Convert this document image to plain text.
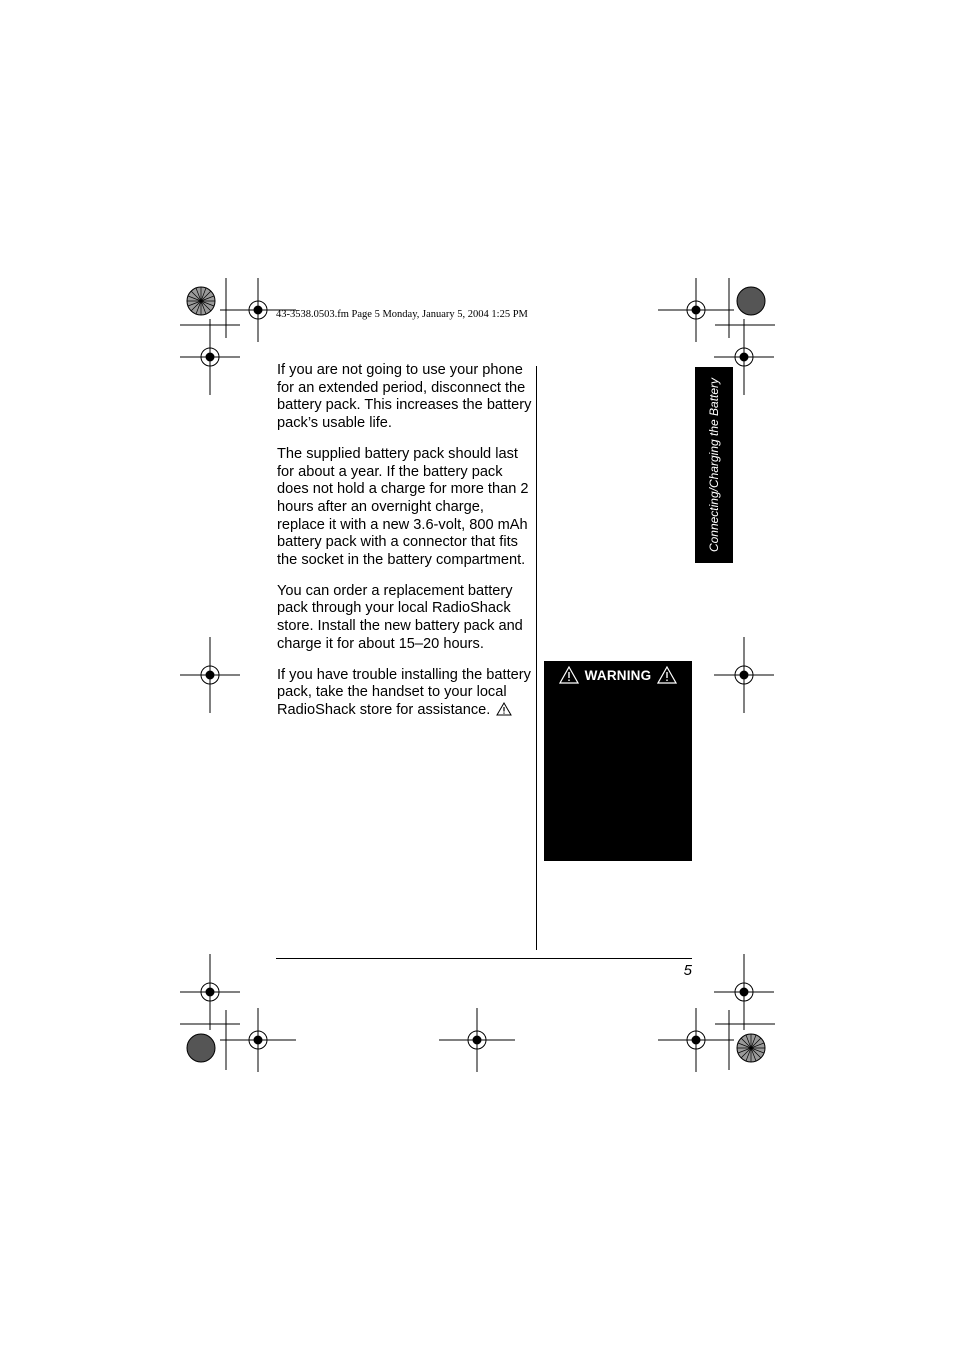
43-3538.0503.fm Page 5 Monday, January 5, 2004 1:25 PM

If you are not going to use your phone for an extended period, disconnect the battery pack. This increases the battery pack’s usable life.

The supplied battery pack should last for about a year. If the battery pack does not hold a charge for more than 2 hours after an overnight charge, replace it with a new 3.6-volt, 800 mAh battery pack with a connector that fits the socket in the battery compartment.

You can order a replacement battery pack through your local RadioShack store. Install the new battery pack and charge it for about 15–20 hours.

If you have trouble installing the battery pack, take the handset to your local RadioShack store for assistance.

Connecting/Charging the Battery
WARNING
5
